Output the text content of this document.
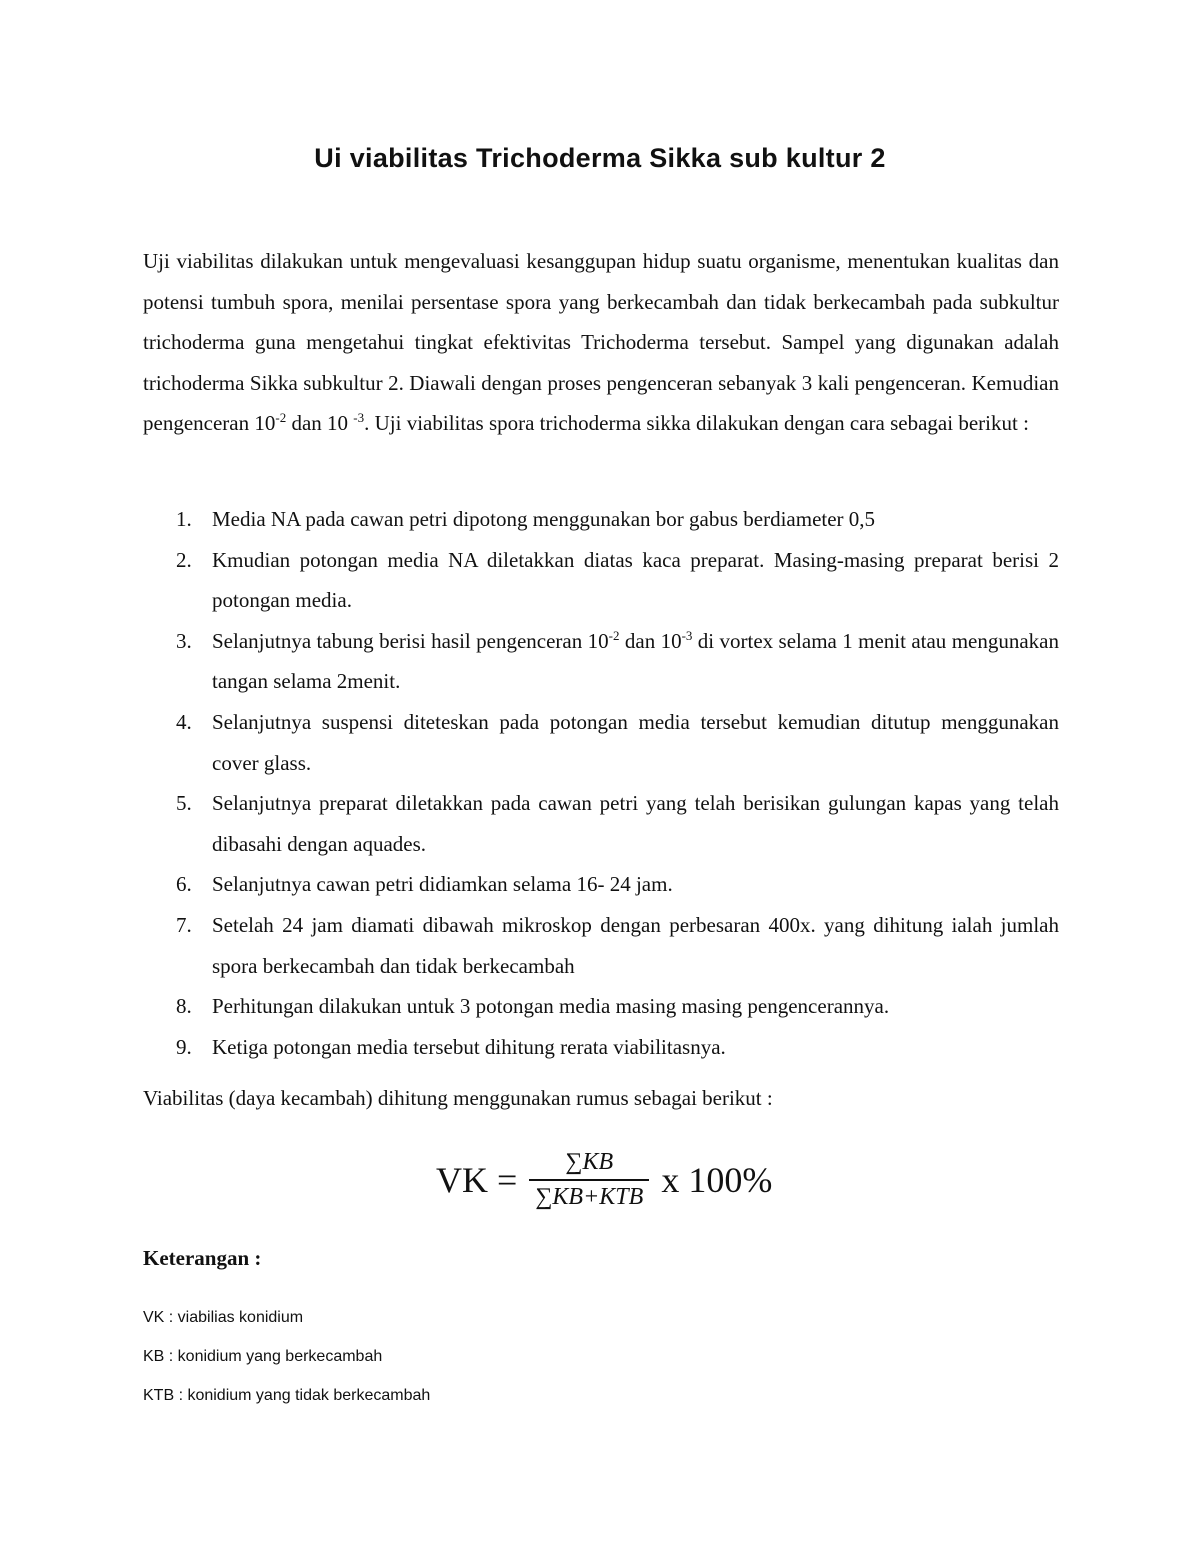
Ui viabilitas Trichoderma Sikka sub kultur 2

Uji viabilitas dilakukan untuk mengevaluasi kesanggupan hidup suatu organisme, menentukan kualitas dan potensi tumbuh spora, menilai persentase spora yang berkecambah dan tidak berkecambah pada subkultur trichoderma guna mengetahui tingkat efektivitas Trichoderma tersebut. Sampel yang digunakan adalah trichoderma Sikka subkultur 2. Diawali dengan proses pengenceran sebanyak 3 kali pengenceran. Kemudian pengenceran $10^{-2}$ dan 10 $^{-3}$. Uji viabilitas spora trichoderma sikka dilakukan dengan cara sebagai berikut :

1. Media NA pada cawan petri dipotong menggunakan bor gabus berdiameter 0,5
2. Kmudian potongan media NA diletakkan diatas kaca preparat. Masing-masing preparat berisi 2 potongan media.
3. Selanjutnya tabung berisi hasil pengenceran $10^{-2}$ dan $10^{-3}$ di vortex selama 1 menit atau mengunakan tangan selama 2menit.
4. Selanjutnya suspensi diteteskan pada potongan media tersebut kemudian ditutup menggunakan cover glass.
5. Selanjutnya preparat diletakkan pada cawan petri yang telah berisikan gulungan kapas yang telah dibasahi dengan aquades.
6. Selanjutnya cawan petri didiamkan selama 16- 24 jam.
7. Setelah 24 jam diamati dibawah mikroskop dengan perbesaran 400x. yang dihitung ialah jumlah spora berkecambah dan tidak berkecambah
8. Perhitungan dilakukan untuk 3 potongan media masing masing pengencerannya.
9. Ketiga potongan media tersebut dihitung rerata viabilitasnya.

Viabilitas (daya kecambah) dihitung menggunakan rumus sebagai berikut :

VK = $\frac{\sum KB}{\text{∑KB+KTB}}$ x 100%

Keterangan :

VK : viabilias konidium
KB : konidium yang berkecambah
KTB : konidium yang tidak berkecambah
